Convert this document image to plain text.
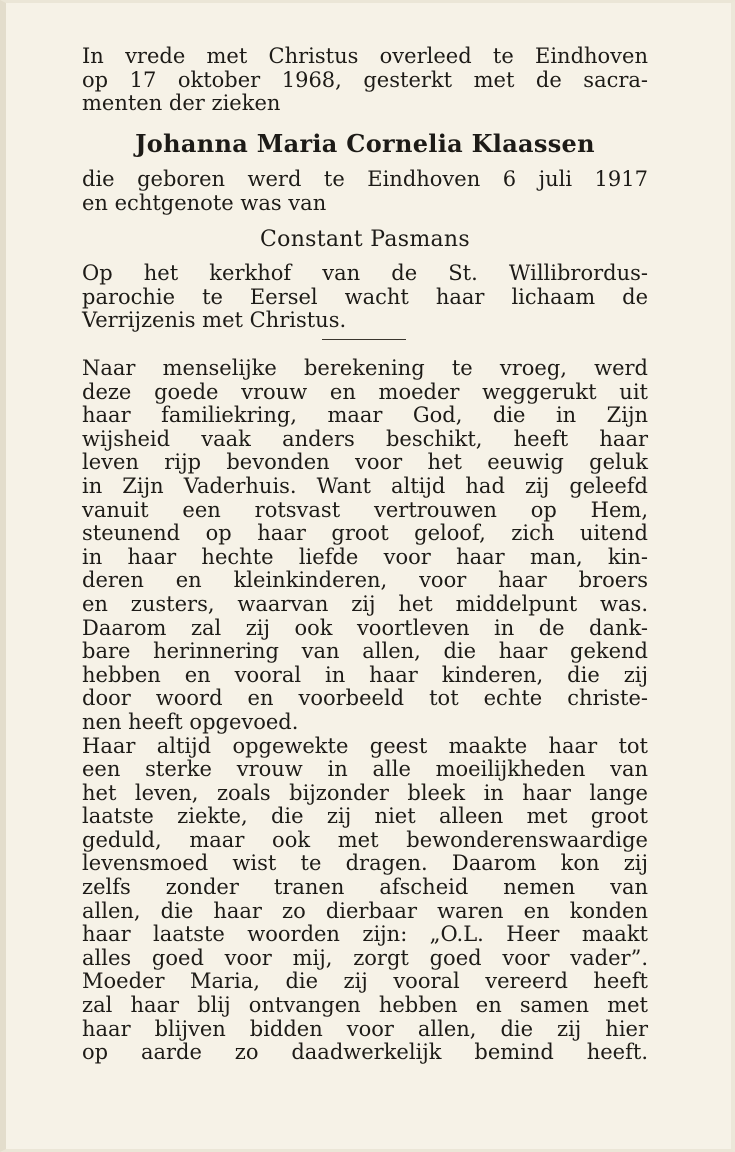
In vrede met Christus overleed te Eindhoven
op 17 oktober 1968, gesterkt met de sacra-
menten der zieken
Johanna Maria Cornelia Klaassen
die geboren werd te Eindhoven 6 juli 1917
en echtgenote was van
Constant Pasmans
Op het kerkhof van de St. Willibrordus-
parochie te Eersel wacht haar lichaam de
Verrijzenis met Christus.
Naar menselijke berekening te vroeg, werd
deze goede vrouw en moeder weggerukt uit
haar familiekring, maar God, die in Zijn
wijsheid vaak anders beschikt, heeft haar
leven rijp bevonden voor het eeuwig geluk
in Zijn Vaderhuis. Want altijd had zij geleefd
vanuit een rotsvast vertrouwen op Hem,
steunend op haar groot geloof, zich uitend
in haar hechte liefde voor haar man, kin-
deren en kleinkinderen, voor haar broers
en zusters, waarvan zij het middelpunt was.
Daarom zal zij ook voortleven in de dank-
bare herinnering van allen, die haar gekend
hebben en vooral in haar kinderen, die zij
door woord en voorbeeld tot echte christe-
nen heeft opgevoed.
Haar altijd opgewekte geest maakte haar tot
een sterke vrouw in alle moeilijkheden van
het leven, zoals bijzonder bleek in haar lange
laatste ziekte, die zij niet alleen met groot
geduld, maar ook met bewonderenswaardige
levensmoed wist te dragen. Daarom kon zij
zelfs zonder tranen afscheid nemen van
allen, die haar zo dierbaar waren en konden
haar laatste woorden zijn: „O.L. Heer maakt
alles goed voor mij, zorgt goed voor vader”.
Moeder Maria, die zij vooral vereerd heeft
zal haar blij ontvangen hebben en samen met
haar blijven bidden voor allen, die zij hier
op aarde zo daadwerkelijk bemind heeft.
